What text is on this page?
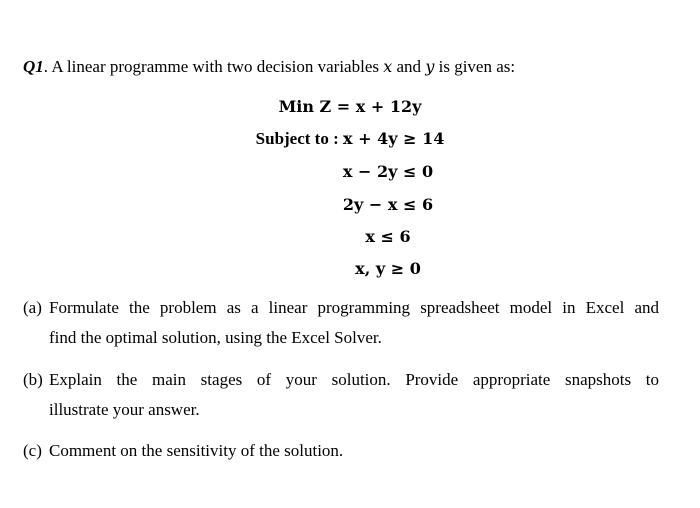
Q1. A linear programme with two decision variables x and y is given as:
Min Z = x + 12y
Subject to : x + 4y ≥ 14
x − 2y ≤ 0
2y − x ≤ 6
x ≤ 6
x, y ≥ 0
(a) Formulate the problem as a linear programming spreadsheet model in Excel and
find the optimal solution, using the Excel Solver.
(b) Explain the main stages of your solution. Provide appropriate snapshots to
illustrate your answer.
(c) Comment on the sensitivity of the solution.
